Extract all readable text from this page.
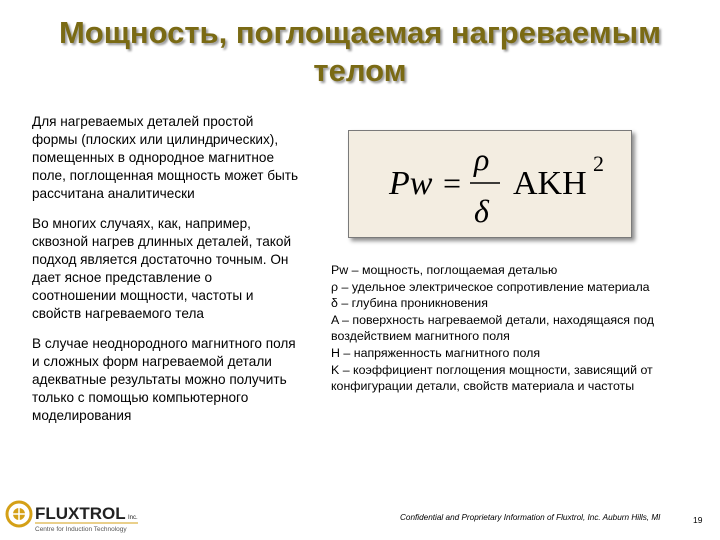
Мощность, поглощаемая нагреваемым
телом

Для нагреваемых деталей простой формы (плоских или цилиндрических), помещенных в однородное магнитное поле, поглощенная мощность может быть рассчитана аналитически

Во многих случаях, как, например, сквозной нагрев длинных деталей, такой подход является достаточно точным. Он дает ясное представление о соотношении мощности, частоты и свойств нагреваемого тела

В случае неоднородного магнитного поля и сложных форм нагреваемой детали адекватные результаты можно получить только с помощью компьютерного моделирования

Pw =
ρ
δ
AKH
2
Pw – мощность, поглощаемая деталью
ρ – удельное электрическое сопротивление материала
δ – глубина проникновения
A – поверхность нагреваемой детали, находящаяся под воздействием магнитного поля
H – напряженность магнитного поля
K – коэффициент поглощения мощности, зависящий от конфигурации детали, свойств материала и частоты
FLUXTROL Inc.
Centre for Induction Technology
Confidential and Proprietary Information of Fluxtrol, Inc. Auburn Hills, MI	19
